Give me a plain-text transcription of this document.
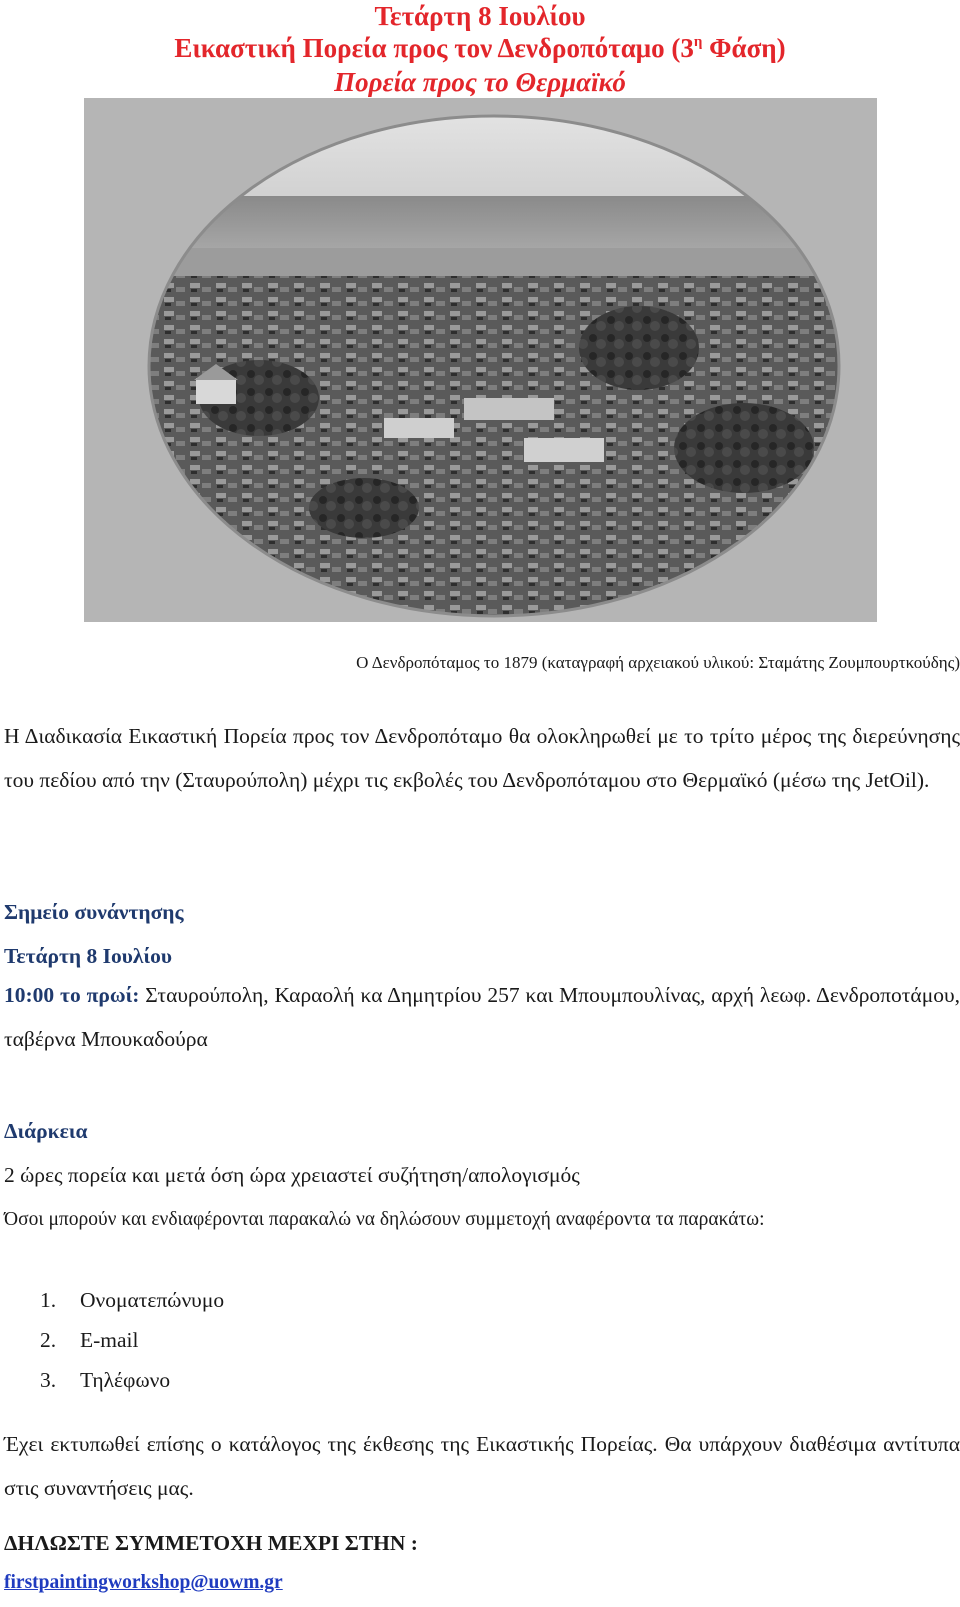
Τετάρτη 8 Ιουλίου
Εικαστική Πορεία προς τον Δενδροπόταμο ($3^\eta$ Φάση)
Πορεία προς το Θερμαϊκό
Ο Δενδροπόταμος το 1879 (καταγραφή αρχειακού υλικού: Σταμάτης Ζουμπουρτκούδης)
Η Διαδικασία Εικαστική Πορεία προς τον Δενδροπόταμο θα ολοκληρωθεί με το τρίτο μέρος της διερεύνησης του πεδίου από την (Σταυρούπολη) μέχρι τις εκβολές του Δενδροπόταμου στο Θερμαϊκό (μέσω της JetOil).
Σημείο συνάντησης
Τετάρτη 8 Ιουλίου
10:00 το πρωί: Σταυρούπολη, Καραολή κα Δημητρίου 257 και Μπουμπουλίνας, αρχή λεωφ. Δενδροποτάμου, ταβέρνα Μπουκαδούρα
Διάρκεια
2 ώρες πορεία και μετά όση ώρα χρειαστεί συζήτηση/απολογισμός
Όσοι μπορούν και ενδιαφέρονται παρακαλώ να δηλώσουν συμμετοχή αναφέροντα τα παρακάτω:
1. Ονοματεπώνυμο
2. E-mail
3. Τηλέφωνο
Έχει εκτυπωθεί επίσης ο κατάλογος της έκθεσης της Εικαστικής Πορείας. Θα υπάρχουν διαθέσιμα αντίτυπα στις συναντήσεις μας.
ΔΗΛΩΣΤΕ ΣΥΜΜΕΤΟΧΗ ΜΕΧΡΙ ΣΤΗΝ :
firstpaintingworkshop@uowm.gr
